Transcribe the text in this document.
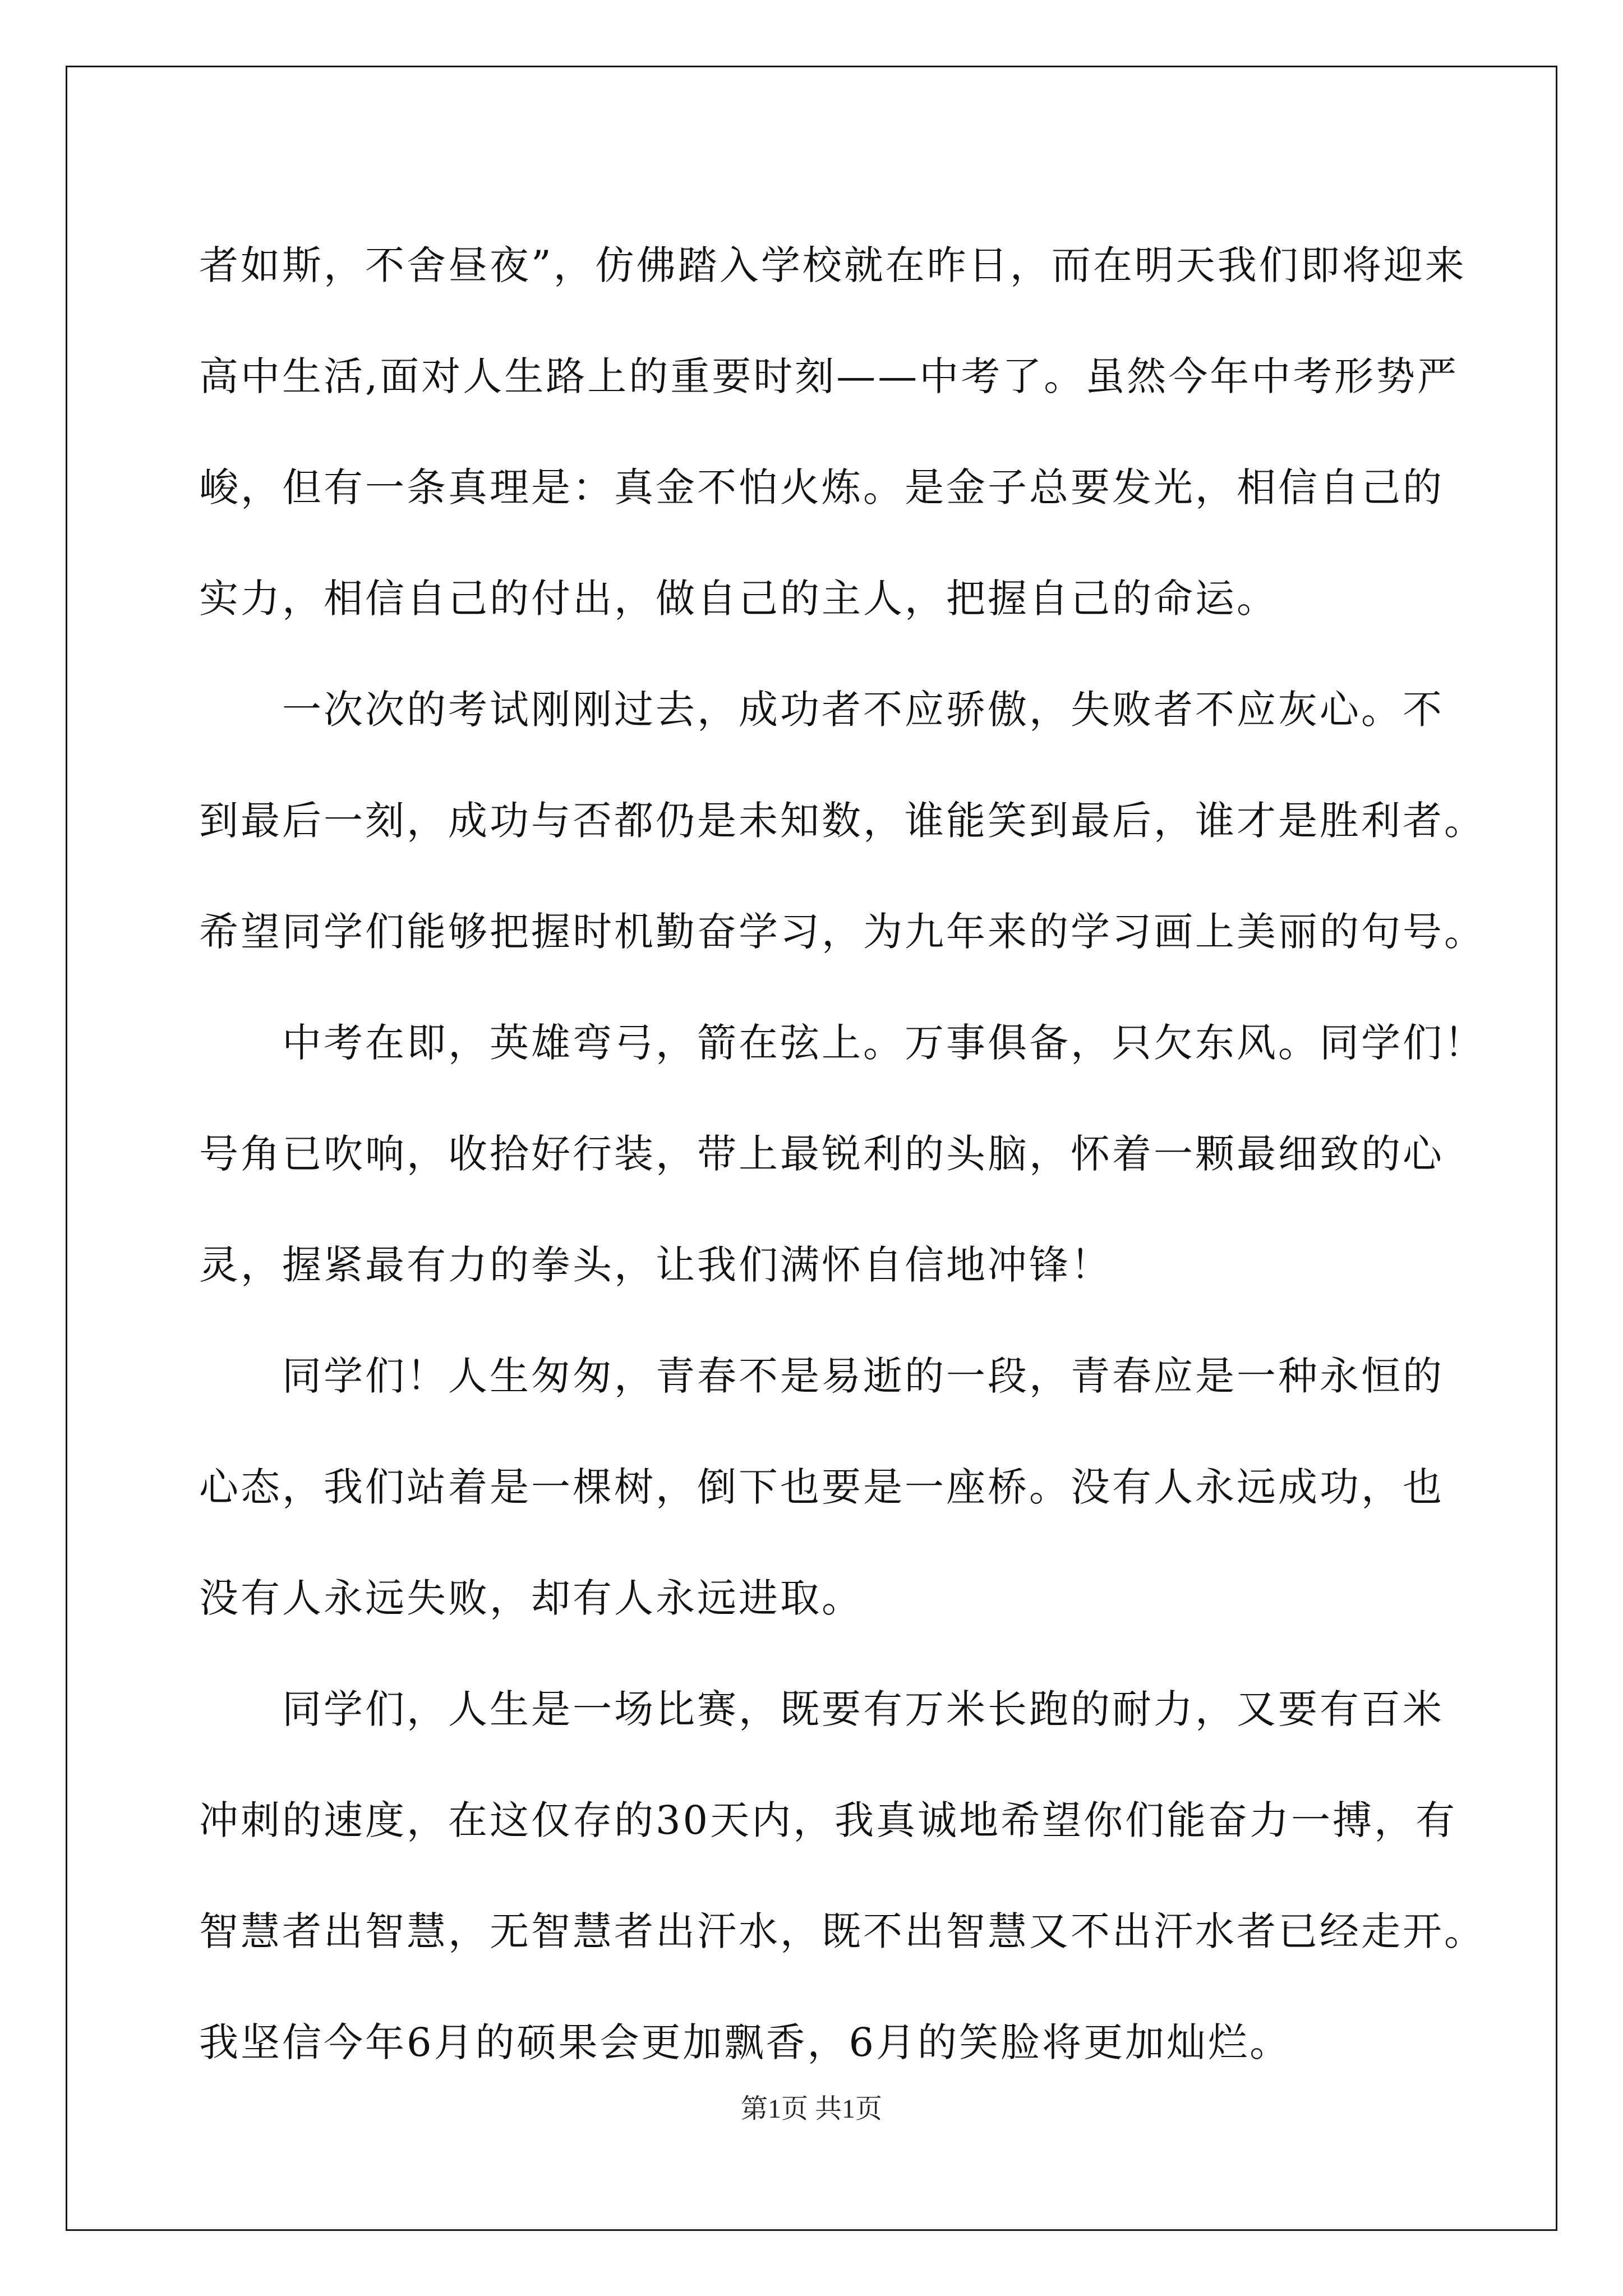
者如斯，不舍昼夜”，仿佛踏入学校就在昨日，而在明天我们即将迎来
高中生活,面对人生路上的重要时刻——中考了。虽然今年中考形势严
峻，但有一条真理是：真金不怕火炼。是金子总要发光，相信自己的
实力，相信自己的付出，做自己的主人，把握自己的命运。
一次次的考试刚刚过去，成功者不应骄傲，失败者不应灰心。不
到最后一刻，成功与否都仍是未知数，谁能笑到最后，谁才是胜利者。
希望同学们能够把握时机勤奋学习，为九年来的学习画上美丽的句号。
中考在即，英雄弯弓，箭在弦上。万事俱备，只欠东风。同学们！
号角已吹响，收拾好行装，带上最锐利的头脑，怀着一颗最细致的心
灵，握紧最有力的拳头，让我们满怀自信地冲锋！
同学们！人生匆匆，青春不是易逝的一段，青春应是一种永恒的
心态，我们站着是一棵树，倒下也要是一座桥。没有人永远成功，也
没有人永远失败，却有人永远进取。
同学们，人生是一场比赛，既要有万米长跑的耐力，又要有百米
冲刺的速度，在这仅存的30天内，我真诚地希望你们能奋力一搏，有
智慧者出智慧，无智慧者出汗水，既不出智慧又不出汗水者已经走开。
我坚信今年6月的硕果会更加飘香，6月的笑脸将更加灿烂。
第1页 共1页
